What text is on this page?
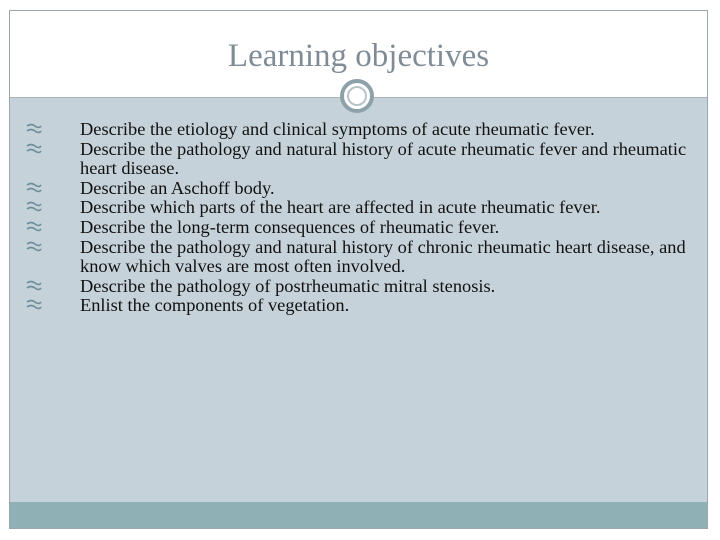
Learning objectives
Describe the etiology and clinical symptoms of acute rheumatic fever.
Describe the pathology and natural history of acute rheumatic fever and rheumatic heart disease.
Describe an Aschoff body.
Describe which parts of the heart are affected in acute rheumatic fever.
Describe the long-term consequences of rheumatic fever.
Describe the pathology and natural history of chronic rheumatic heart disease, and know which valves are most often involved.
Describe the pathology of postrheumatic mitral stenosis.
Enlist the components of vegetation.
